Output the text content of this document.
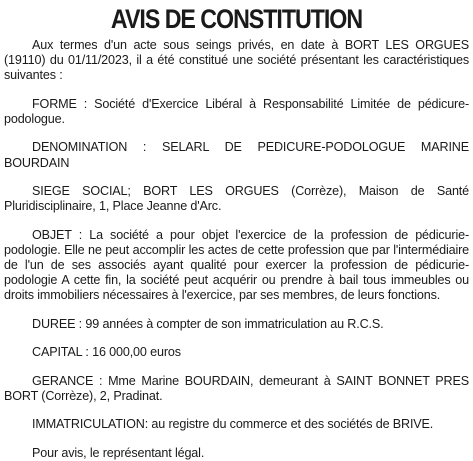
AVIS DE CONSTITUTION

Aux termes d'un acte sous seings privés, en date à BORT LES ORGUES (19110) du 01/11/2023, il a été constitué une société présentant les caractéristiques suivantes :

FORME : Société d'Exercice Libéral à Responsabilité Limitée de pédicure-podologue.

DENOMINATION : SELARL DE PEDICURE-PODOLOGUE MARINE BOURDAIN

SIEGE SOCIAL; BORT LES ORGUES (Corrèze), Maison de Santé Pluridisciplinaire, 1, Place Jeanne d'Arc.

OBJET : La société a pour objet l'exercice de la profession de pédicurie-podologie. Elle ne peut accomplir les actes de cette profession que par l'intermédiaire de l'un de ses associés ayant qualité pour exercer la profession de pédicurie-podologie A cette fin, la société peut acquérir ou prendre à bail tous immeubles ou droits immobiliers nécessaires à l'exercice, par ses membres, de leurs fonctions.

DUREE : 99 années à compter de son immatriculation au R.C.S.

CAPITAL : 16 000,00 euros

GERANCE : Mme Marine BOURDAIN, demeurant à SAINT BONNET PRES BORT (Corrèze), 2, Pradinat.

IMMATRICULATION: au registre du commerce et des sociétés de BRIVE.

Pour avis, le représentant légal.
